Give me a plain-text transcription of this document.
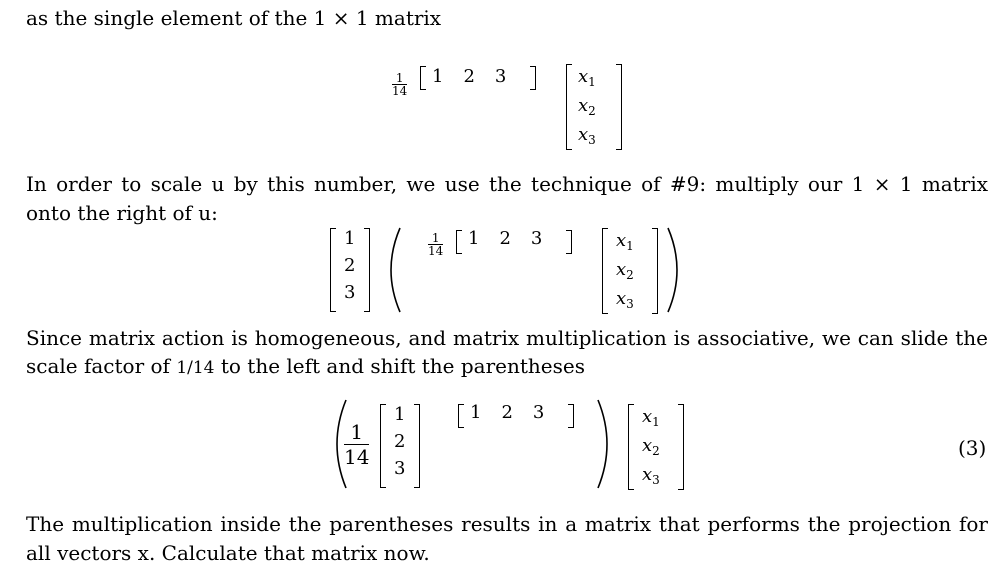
as the single element of the 1 × 1 matrix
1
14
1 2 3	$x_1$
$x_2$
$x_3$
In order to scale u by this number, we use the technique of #9: multiply our 1 × 1 matrix
onto the right of u:
1
2
3
1
14
1 2 3	$x_1$
$x_2$
$x_3$
Since matrix action is homogeneous, and matrix multiplication is associative, we can slide the
scale factor of 1/14 to the left and shift the parentheses
1
14
1
2
3
1 2 3	$x_1$
$x_2$
$x_3$
(3)
The multiplication inside the parentheses results in a matrix that performs the projection for
all vectors x. Calculate that matrix now.
